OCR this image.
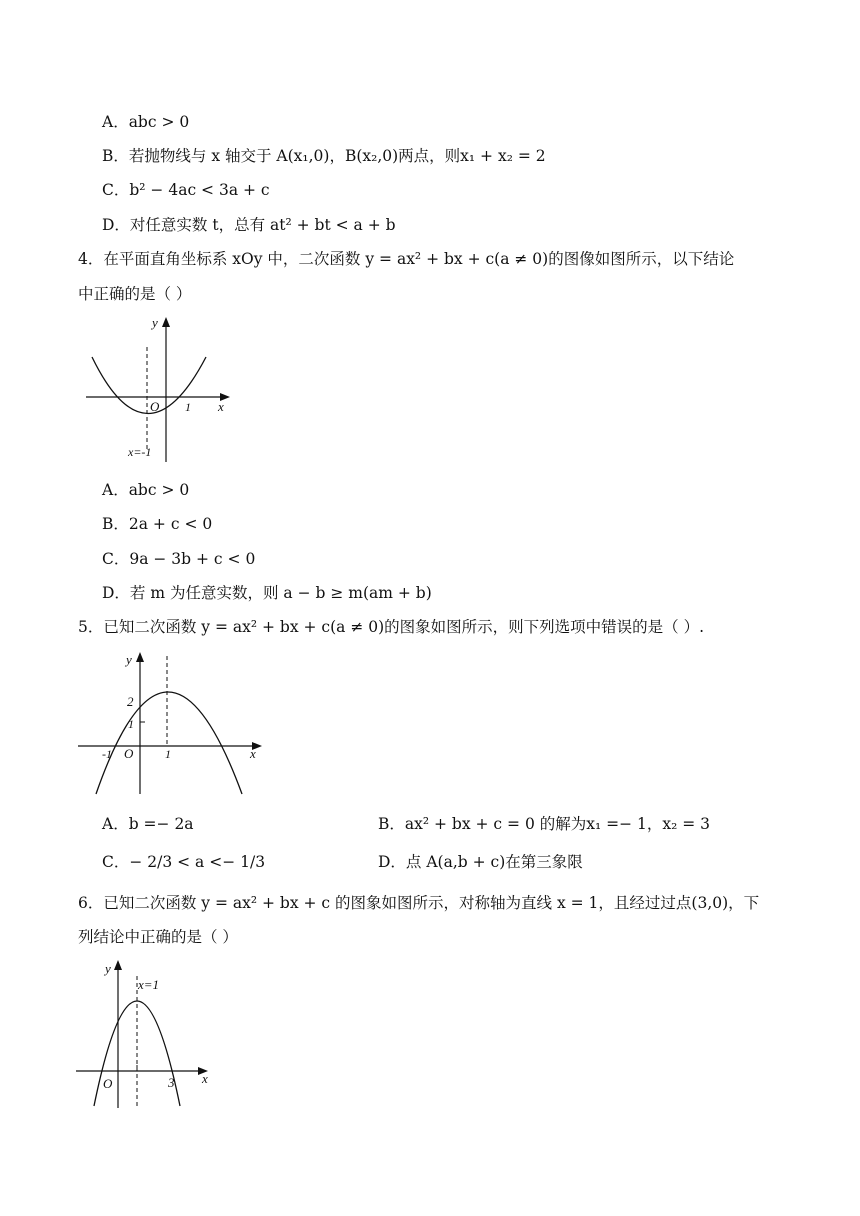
A．abc > 0
B．若抛物线与 x 轴交于 A(x₁,0)，B(x₂,0)两点，则x₁ + x₂ = 2
C．b² − 4ac < 3a + c
D．对任意实数 t，总有 at² + bt < a + b
4．在平面直角坐标系 xOy 中，二次函数 y = ax² + bx + c(a ≠ 0)的图像如图所示，以下结论
中正确的是（ ）
y
x
O 1
x=-1
A．abc > 0
B．2a + c < 0
C．9a − 3b + c < 0
D．若 m 为任意实数，则 a − b ≥ m(am + b)
5．已知二次函数 y = ax² + bx + c(a ≠ 0)的图象如图所示，则下列选项中错误的是（ ）.
y
x
2
1
O
-1	1
A．b =− 2a	B．ax² + bx + c = 0 的解为x₁ =− 1，x₂ = 3
C．− 2/3 < a <− 1/3	D．点 A(a,b + c)在第三象限
6．已知二次函数 y = ax² + bx + c 的图象如图所示，对称轴为直线 x = 1，且经过过点(3,0)，下
列结论中正确的是（ ）
y
x
O	3
x=1
